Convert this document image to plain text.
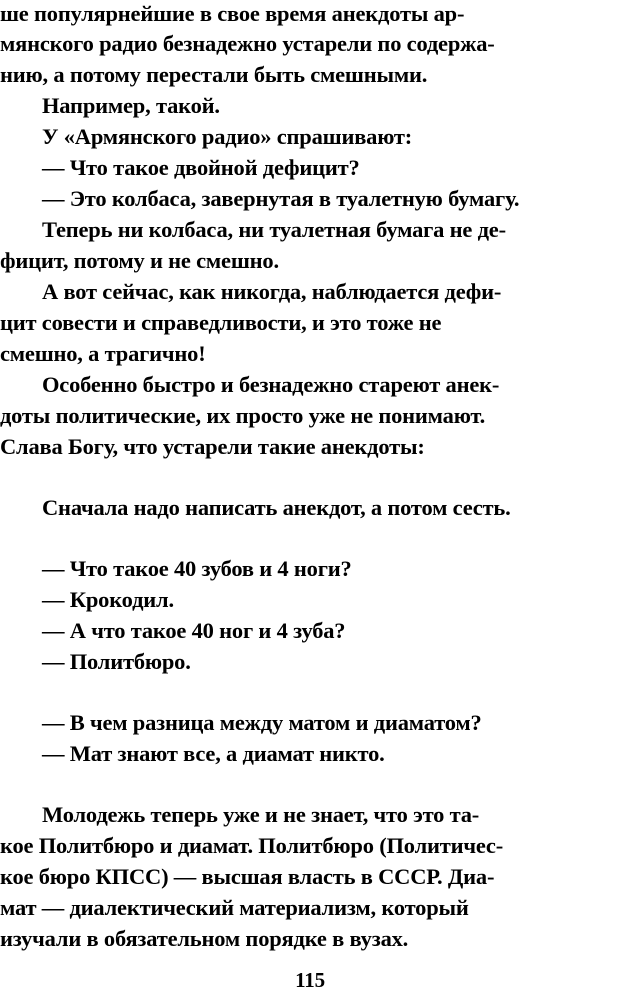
ше популярнейшие в свое время анекдоты ар-
мянского радио безнадежно устарели по содержа-
нию, а потому перестали быть смешными.
Например, такой.
У «Армянского радио» спрашивают:
— Что такое двойной дефицит?
— Это колбаса, завернутая в туалетную бумагу.
Теперь ни колбаса, ни туалетная бумага не де-
фицит, потому и не смешно.
А вот сейчас, как никогда, наблюдается дефи-
цит совести и справедливости, и это тоже не
смешно, а трагично!
Особенно быстро и безнадежно стареют анек-
доты политические, их просто уже не понимают.
Слава Богу, что устарели такие анекдоты:
Сначала надо написать анекдот, а потом сесть.
— Что такое 40 зубов и 4 ноги?
— Крокодил.
— А что такое 40 ног и 4 зуба?
— Политбюро.
— В чем разница между матом и диаматом?
— Мат знают все, а диамат никто.
Молодежь теперь уже и не знает, что это та-
кое Политбюро и диамат. Политбюро (Политичес-
кое бюро КПСС) — высшая власть в СССР. Диа-
мат — диалектический материализм, который
изучали в обязательном порядке в вузах.
115
